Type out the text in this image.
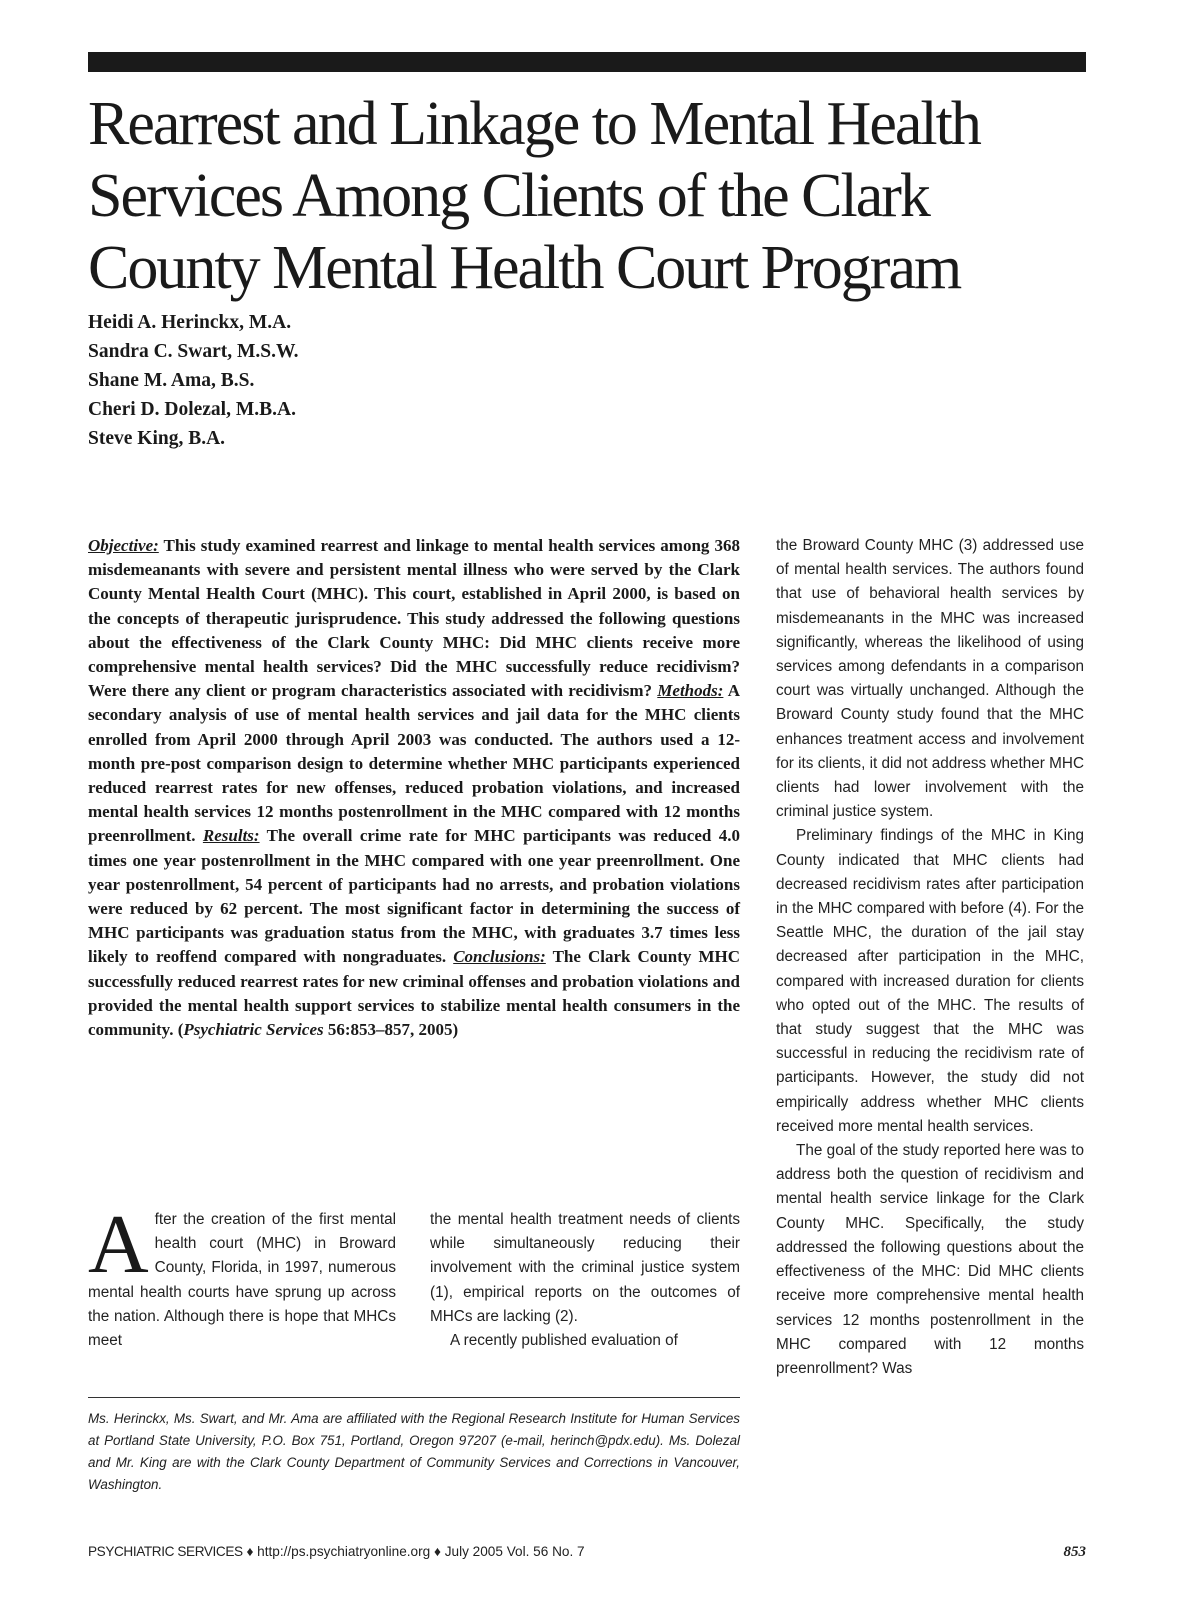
Rearrest and Linkage to Mental Health Services Among Clients of the Clark County Mental Health Court Program
Heidi A. Herinckx, M.A.
Sandra C. Swart, M.S.W.
Shane M. Ama, B.S.
Cheri D. Dolezal, M.B.A.
Steve King, B.A.

Objective: This study examined rearrest and linkage to mental health services among 368 misdemeanants with severe and persistent mental illness who were served by the Clark County Mental Health Court (MHC). This court, established in April 2000, is based on the concepts of therapeutic jurisprudence. This study addressed the following questions about the effectiveness of the Clark County MHC: Did MHC clients receive more comprehensive mental health services? Did the MHC successfully reduce recidivism? Were there any client or program characteristics associated with recidivism? Methods: A secondary analysis of use of mental health services and jail data for the MHC clients enrolled from April 2000 through April 2003 was conducted. The authors used a 12-month pre-post comparison design to determine whether MHC participants experienced reduced rearrest rates for new offenses, reduced probation violations, and increased mental health services 12 months postenrollment in the MHC compared with 12 months preenrollment. Results: The overall crime rate for MHC participants was reduced 4.0 times one year postenrollment in the MHC compared with one year preenrollment. One year postenrollment, 54 percent of participants had no arrests, and probation violations were reduced by 62 percent. The most significant factor in determining the success of MHC participants was graduation status from the MHC, with graduates 3.7 times less likely to reoffend compared with nongraduates. Conclusions: The Clark County MHC successfully reduced rearrest rates for new criminal offenses and probation violations and provided the mental health support services to stabilize mental health consumers in the community. (Psychiatric Services 56:853–857, 2005)

After the creation of the first mental health court (MHC) in Broward County, Florida, in 1997, numerous mental health courts have sprung up across the nation. Although there is hope that MHCs meet

the mental health treatment needs of clients while simultaneously reducing their involvement with the criminal justice system (1), empirical reports on the outcomes of MHCs are lacking (2).

A recently published evaluation of

the Broward County MHC (3) addressed use of mental health services. The authors found that use of behavioral health services by misdemeanants in the MHC was increased significantly, whereas the likelihood of using services among defendants in a comparison court was virtually unchanged. Although the Broward County study found that the MHC enhances treatment access and involvement for its clients, it did not address whether MHC clients had lower involvement with the criminal justice system.

Preliminary findings of the MHC in King County indicated that MHC clients had decreased recidivism rates after participation in the MHC compared with before (4). For the Seattle MHC, the duration of the jail stay decreased after participation in the MHC, compared with increased duration for clients who opted out of the MHC. The results of that study suggest that the MHC was successful in reducing the recidivism rate of participants. However, the study did not empirically address whether MHC clients received more mental health services.

The goal of the study reported here was to address both the question of recidivism and mental health service linkage for the Clark County MHC. Specifically, the study addressed the following questions about the effectiveness of the MHC: Did MHC clients receive more comprehensive mental health services 12 months postenrollment in the MHC compared with 12 months preenrollment? Was

Ms. Herinckx, Ms. Swart, and Mr. Ama are affiliated with the Regional Research Institute for Human Services at Portland State University, P.O. Box 751, Portland, Oregon 97207 (e-mail, herinch@pdx.edu). Ms. Dolezal and Mr. King are with the Clark County Department of Community Services and Corrections in Vancouver, Washington.
PSYCHIATRIC SERVICES ♦ http://ps.psychiatryonline.org ♦ July 2005 Vol. 56 No. 7	853
